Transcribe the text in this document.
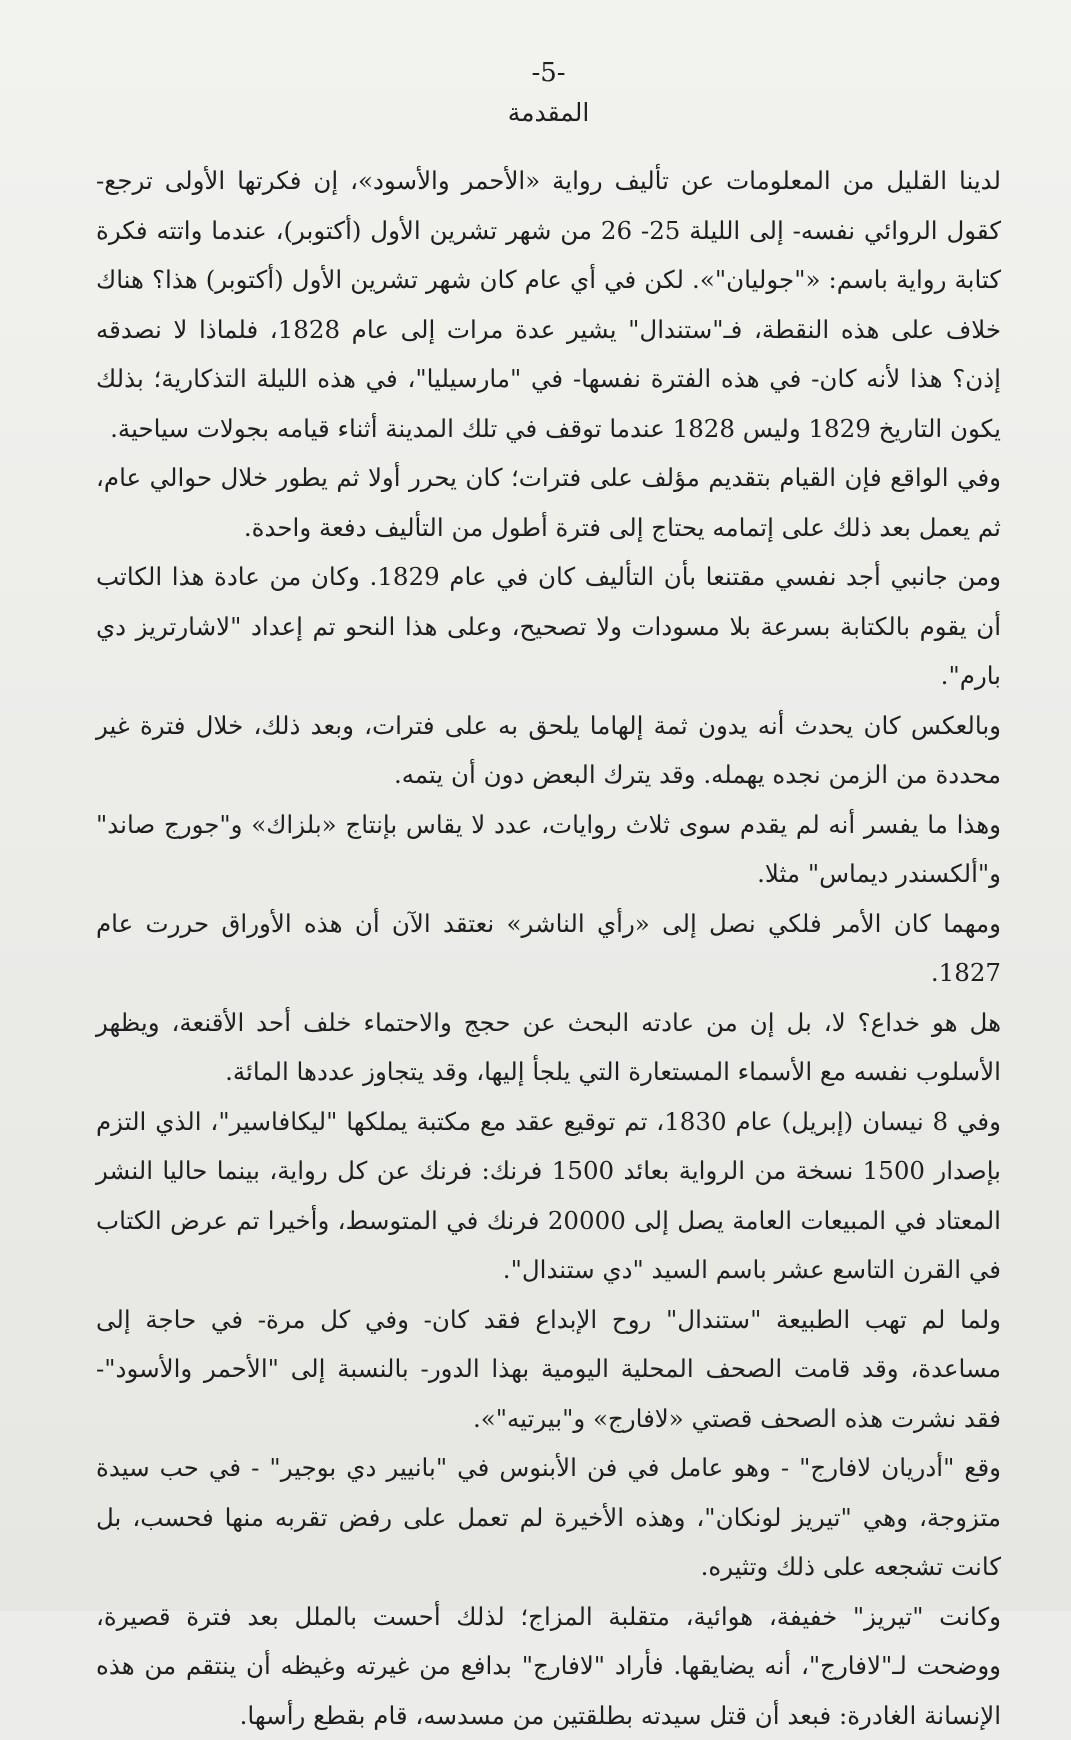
-5-
المقدمة

لدينا القليل من المعلومات عن تأليف رواية «الأحمر والأسود»، إن فكرتها الأولى ترجع- كقول الروائي نفسه- إلى الليلة 25- 26 من شهر تشرين الأول (أكتوبر)، عندما واتته فكرة كتابة رواية باسم: «"جوليان"». لكن في أي عام كان شهر تشرين الأول (أكتوبر) هذا؟ هناك خلاف على هذه النقطة، فـ"ستندال" يشير عدة مرات إلى عام 1828، فلماذا لا نصدقه إذن؟ هذا لأنه كان- في هذه الفترة نفسها- في "مارسيليا"، في هذه الليلة التذكارية؛ بذلك يكون التاريخ 1829 وليس 1828 عندما توقف في تلك المدينة أثناء قيامه بجولات سياحية.

وفي الواقع فإن القيام بتقديم مؤلف على فترات؛ كان يحرر أولا ثم يطور خلال حوالي عام، ثم يعمل بعد ذلك على إتمامه يحتاج إلى فترة أطول من التأليف دفعة واحدة.

ومن جانبي أجد نفسي مقتنعا بأن التأليف كان في عام 1829. وكان من عادة هذا الكاتب أن يقوم بالكتابة بسرعة بلا مسودات ولا تصحيح، وعلى هذا النحو تم إعداد "لاشارتريز دي بارم".

وبالعكس كان يحدث أنه يدون ثمة إلهاما يلحق به على فترات، وبعد ذلك، خلال فترة غير محددة من الزمن نجده يهمله. وقد يترك البعض دون أن يتمه.

وهذا ما يفسر أنه لم يقدم سوى ثلاث روايات، عدد لا يقاس بإنتاج «بلزاك» و"جورج صاند" و"ألكسندر ديماس" مثلا.

ومهما كان الأمر فلكي نصل إلى «رأي الناشر» نعتقد الآن أن هذه الأوراق حررت عام 1827.

هل هو خداع؟ لا، بل إن من عادته البحث عن حجج والاحتماء خلف أحد الأقنعة، ويظهر الأسلوب نفسه مع الأسماء المستعارة التي يلجأ إليها، وقد يتجاوز عددها المائة.

وفي 8 نيسان (إبريل) عام 1830، تم توقيع عقد مع مكتبة يملكها "ليكافاسير"، الذي التزم بإصدار 1500 نسخة من الرواية بعائد 1500 فرنك: فرنك عن كل رواية، بينما حاليا النشر المعتاد في المبيعات العامة يصل إلى 20000 فرنك في المتوسط، وأخيرا تم عرض الكتاب في القرن التاسع عشر باسم السيد "دي ستندال".

ولما لم تهب الطبيعة "ستندال" روح الإبداع فقد كان- وفي كل مرة- في حاجة إلى مساعدة، وقد قامت الصحف المحلية اليومية بهذا الدور- بالنسبة إلى "الأحمر والأسود"- فقد نشرت هذه الصحف قصتي «لافارج» و"بيرتيه"».

وقع "أدريان لافارج" - وهو عامل في فن الأبنوس في "بانيير دي بوجير" - في حب سيدة متزوجة، وهي "تيريز لونكان"، وهذه الأخيرة لم تعمل على رفض تقربه منها فحسب، بل كانت تشجعه على ذلك وتثيره.

وكانت "تيريز" خفيفة، هوائية، متقلبة المزاج؛ لذلك أحست بالملل بعد فترة قصيرة، ووضحت لـ"لافارج"، أنه يضايقها. فأراد "لافارج" بدافع من غيرته وغيظه أن ينتقم من هذه الإنسانة الغادرة: فبعد أن قتل سيدته بطلقتين من مسدسه، قام بقطع رأسها.
